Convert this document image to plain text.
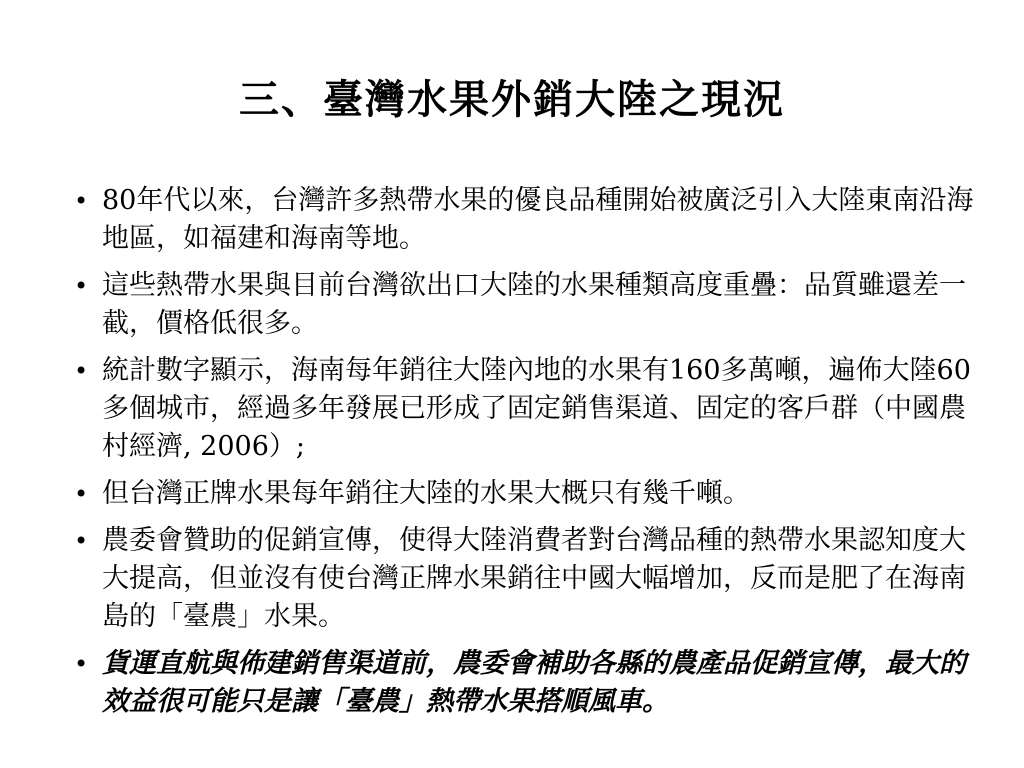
三、臺灣水果外銷大陸之現況
• 80年代以來，台灣許多熱帶水果的優良品種開始被廣泛引入大陸東南沿海地區，如福建和海南等地。
• 這些熱帶水果與目前台灣欲出口大陸的水果種類高度重疊：品質雖還差一截，價格低很多。
• 統計數字顯示，海南每年銷往大陸內地的水果有160多萬噸，遍佈大陸60多個城市，經過多年發展已形成了固定銷售渠道、固定的客戶群（中國農村經濟, 2006）;
• 但台灣正牌水果每年銷往大陸的水果大概只有幾千噸。
• 農委會贊助的促銷宣傳，使得大陸消費者對台灣品種的熱帶水果認知度大大提高，但並沒有使台灣正牌水果銷往中國大幅增加，反而是肥了在海南島的「臺農」水果。
• 貨運直航與佈建銷售渠道前，農委會補助各縣的農產品促銷宣傳，最大的效益很可能只是讓「臺農」熱帶水果搭順風車。
